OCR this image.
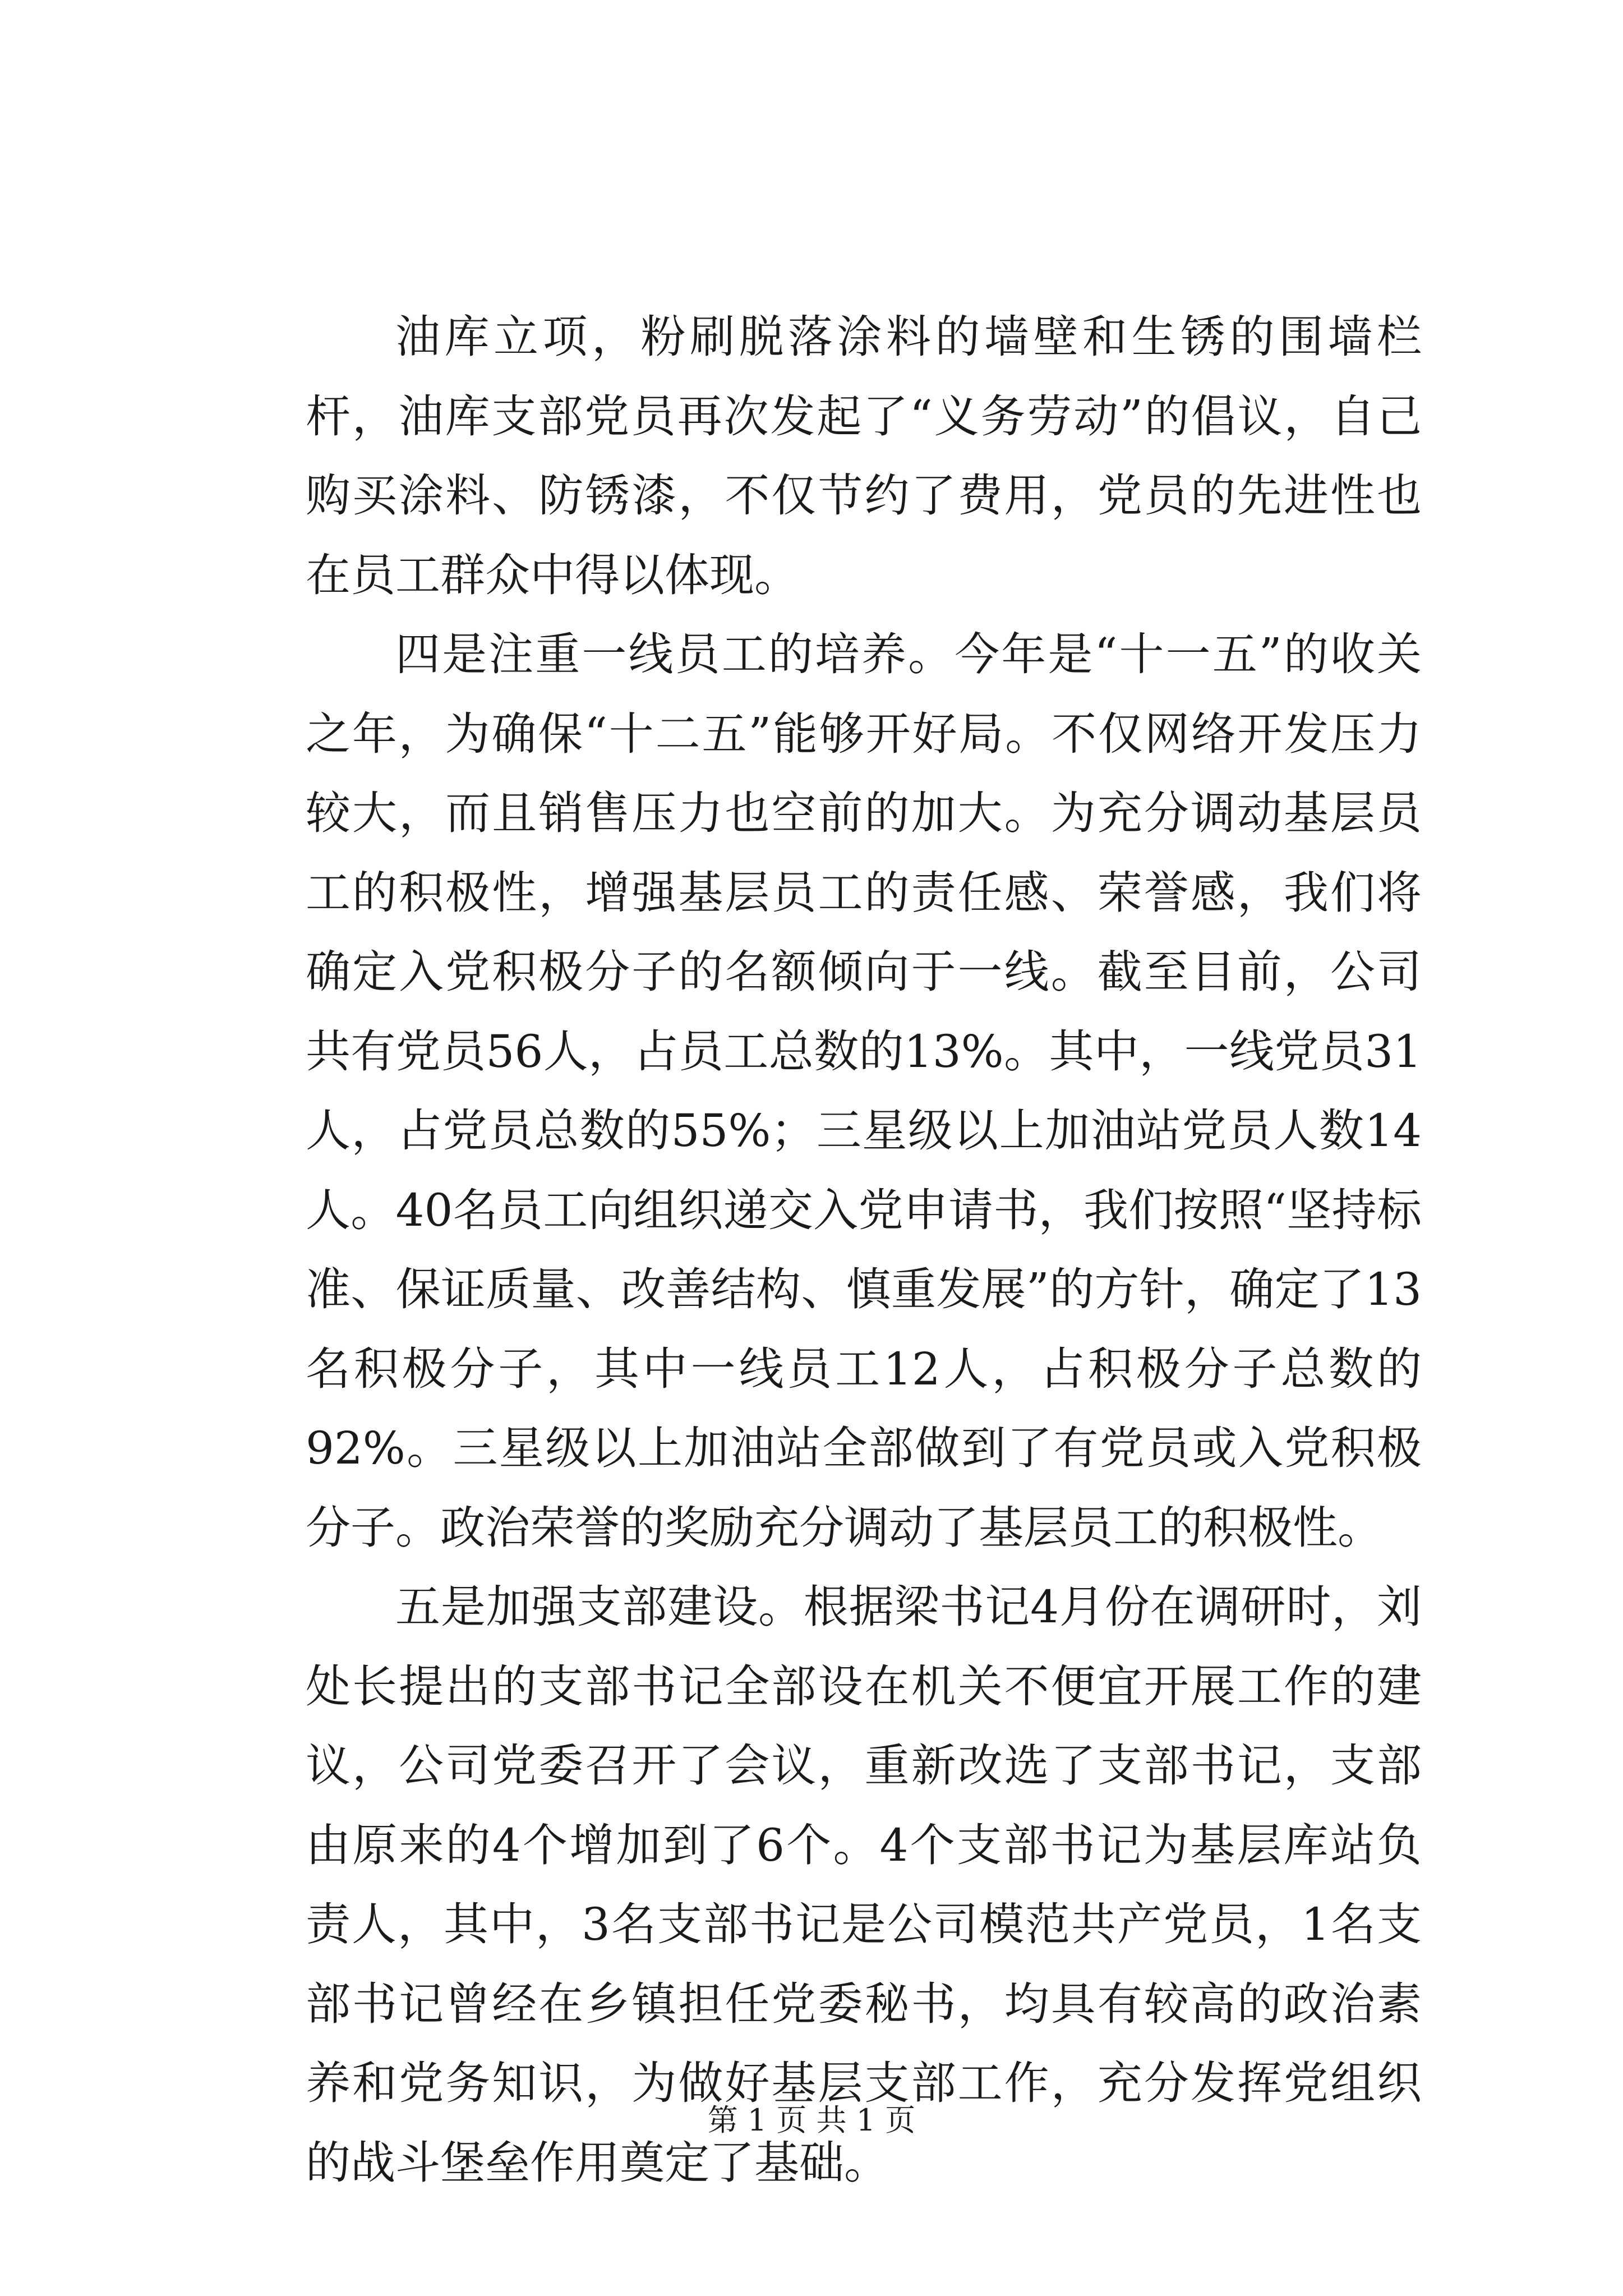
油库立项，粉刷脱落涂料的墙壁和生锈的围墙栏杆，油库支部党员再次发起了“义务劳动”的倡议，自己购买涂料、防锈漆，不仅节约了费用，党员的先进性也在员工群众中得以体现。

四是注重一线员工的培养。今年是“十一五”的收关之年，为确保“十二五”能够开好局。不仅网络开发压力较大，而且销售压力也空前的加大。为充分调动基层员工的积极性，增强基层员工的责任感、荣誉感，我们将确定入党积极分子的名额倾向于一线。截至目前，公司共有党员56人，占员工总数的13%。其中，一线党员31人，占党员总数的55%；三星级以上加油站党员人数14人。40名员工向组织递交入党申请书，我们按照“坚持标准、保证质量、改善结构、慎重发展”的方针，确定了13名积极分子，其中一线员工12人，占积极分子总数的92%。三星级以上加油站全部做到了有党员或入党积极分子。政治荣誉的奖励充分调动了基层员工的积极性。

五是加强支部建设。根据梁书记4月份在调研时，刘处长提出的支部书记全部设在机关不便宜开展工作的建议，公司党委召开了会议，重新改选了支部书记，支部由原来的4个增加到了6个。4个支部书记为基层库站负责人，其中，3名支部书记是公司模范共产党员，1名支部书记曾经在乡镇担任党委秘书，均具有较高的政治素养和党务知识，为做好基层支部工作，充分发挥党组织的战斗堡垒作用奠定了基础。

第 1 页 共 1 页
